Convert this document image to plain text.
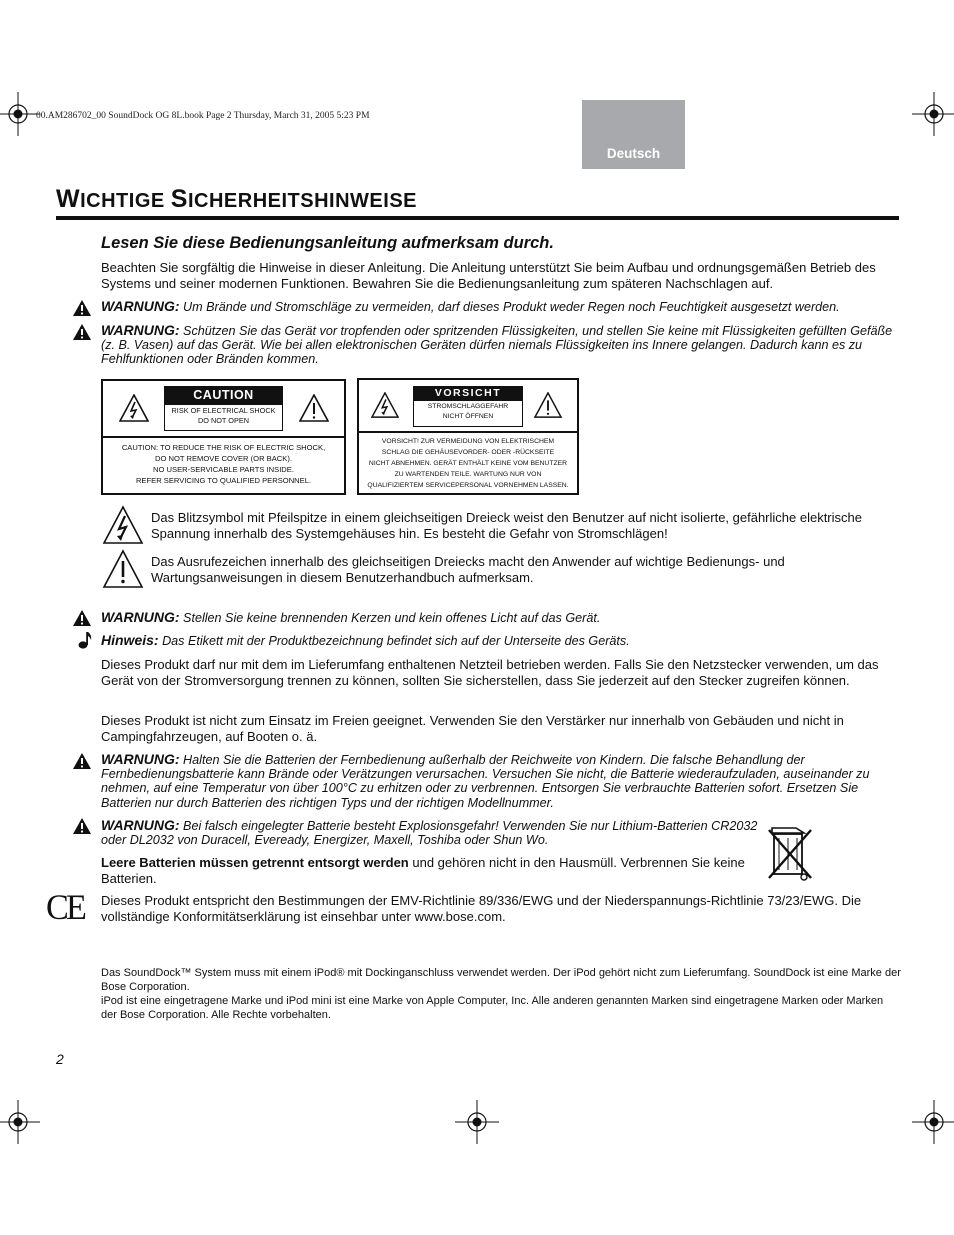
00.AM286702_00 SoundDock OG 8L.book Page 2 Thursday, March 31, 2005 5:23 PM
Deutsch
WICHTIGE SICHERHEITSHINWEISE
Lesen Sie diese Bedienungsanleitung aufmerksam durch.

Beachten Sie sorgfältig die Hinweise in dieser Anleitung. Die Anleitung unterstützt Sie beim Aufbau und ordnungsgemäßen Betrieb des Systems und seiner modernen Funktionen. Bewahren Sie die Bedienungsanleitung zum späteren Nachschlagen auf.

WARNUNG: Um Brände und Stromschläge zu vermeiden, darf dieses Produkt weder Regen noch Feuchtigkeit ausgesetzt werden.

WARNUNG: Schützen Sie das Gerät vor tropfenden oder spritzenden Flüssigkeiten, und stellen Sie keine mit Flüssigkeiten gefüllten Gefäße (z. B. Vasen) auf das Gerät. Wie bei allen elektronischen Geräten dürfen niemals Flüssigkeiten ins Innere gelangen. Dadurch kann es zu Fehlfunktionen oder Bränden kommen.

CAUTION
RISK OF ELECTRICAL SHOCK
DO NOT OPEN
CAUTION: TO REDUCE THE RISK OF ELECTRIC SHOCK,
DO NOT REMOVE COVER (OR BACK).
NO USER-SERVICABLE PARTS INSIDE.
REFER SERVICING TO QUALIFIED PERSONNEL.
VORSICHT
STROMSCHLAGGEFAHR
NICHT ÖFFNEN
VORSICHT! ZUR VERMEIDUNG VON ELEKTRISCHEM
SCHLAG DIE GEHÄUSEVORDER- ODER -RÜCKSEITE
NICHT ABNEHMEN. GERÄT ENTHÄLT KEINE VOM BENUTZER
ZU WARTENDEN TEILE. WARTUNG NUR VON
QUALIFIZIERTEM SERVICEPERSONAL VORNEHMEN LASSEN.

Das Blitzsymbol mit Pfeilspitze in einem gleichseitigen Dreieck weist den Benutzer auf nicht isolierte, gefährliche elektrische Spannung innerhalb des Systemgehäuses hin. Es besteht die Gefahr von Stromschlägen!

Das Ausrufezeichen innerhalb des gleichseitigen Dreiecks macht den Anwender auf wichtige Bedienungs- und Wartungsanweisungen in diesem Benutzerhandbuch aufmerksam.

WARNUNG: Stellen Sie keine brennenden Kerzen und kein offenes Licht auf das Gerät.

Hinweis: Das Etikett mit der Produktbezeichnung befindet sich auf der Unterseite des Geräts.

Dieses Produkt darf nur mit dem im Lieferumfang enthaltenen Netzteil betrieben werden. Falls Sie den Netzstecker verwenden, um das Gerät von der Stromversorgung trennen zu können, sollten Sie sicherstellen, dass Sie jederzeit auf den Stecker zugreifen können.

Dieses Produkt ist nicht zum Einsatz im Freien geeignet. Verwenden Sie den Verstärker nur innerhalb von Gebäuden und nicht in Campingfahrzeugen, auf Booten o. ä.

WARNUNG: Halten Sie die Batterien der Fernbedienung außerhalb der Reichweite von Kindern. Die falsche Behandlung der Fernbedienungsbatterie kann Brände oder Verätzungen verursachen. Versuchen Sie nicht, die Batterie wiederaufzuladen, auseinander zu nehmen, auf eine Temperatur von über 100°C zu erhitzen oder zu verbrennen. Entsorgen Sie verbrauchte Batterien sofort. Ersetzen Sie Batterien nur durch Batterien des richtigen Typs und der richtigen Modellnummer.

WARNUNG: Bei falsch eingelegter Batterie besteht Explosionsgefahr! Verwenden Sie nur Lithium-Batterien CR2032 oder DL2032 von Duracell, Eveready, Energizer, Maxell, Toshiba oder Shun Wo.

Leere Batterien müssen getrennt entsorgt werden und gehören nicht in den Hausmüll. Verbrennen Sie keine Batterien.

CE Dieses Produkt entspricht den Bestimmungen der EMV-Richtlinie 89/336/EWG und der Niederspannungs-Richtlinie 73/23/EWG. Die vollständige Konformitätserklärung ist einsehbar unter www.bose.com.

Das SoundDock™ System muss mit einem iPod® mit Dockinganschluss verwendet werden. Der iPod gehört nicht zum Lieferumfang. SoundDock ist eine Marke der Bose Corporation.

iPod ist eine eingetragene Marke und iPod mini ist eine Marke von Apple Computer, Inc. Alle anderen genannten Marken sind eingetragene Marken oder Marken der Bose Corporation. Alle Rechte vorbehalten.

2
